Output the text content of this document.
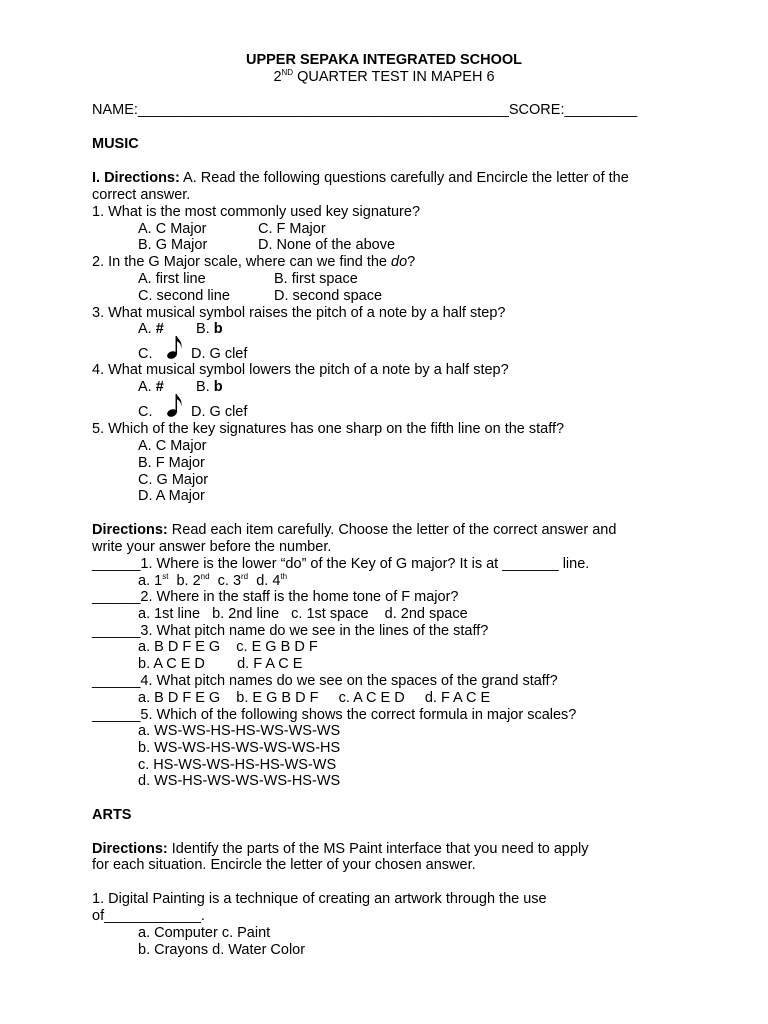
UPPER SEPAKA INTEGRATED SCHOOL
2ND QUARTER TEST IN MAPEH 6
NAME:______________________________________________SCORE:_________
MUSIC
I. Directions: A. Read the following questions carefully and Encircle the letter of the
correct answer.
1. What is the most commonly used key signature?
A. C Major	C. F Major
B. G Major	D. None of the above
2. In the G Major scale, where can we find the do?
A. first line	B. first space
C. second line	D. second space
3. What musical symbol raises the pitch of a note by a half step?
A. # B. b
C.	D. G clef
4. What musical symbol lowers the pitch of a note by a half step?
A. # B. b
C.	D. G clef
5. Which of the key signatures has one sharp on the fifth line on the staff?
A. C Major
B. F Major
C. G Major
D. A Major
Directions: Read each item carefully. Choose the letter of the correct answer and
write your answer before the number.
______1. Where is the lower “do” of the Key of G major? It is at _______ line.
a. 1st  b. 2nd  c. 3rd  d. 4th
______2. Where in the staff is the home tone of F major?
a. 1st line   b. 2nd line   c. 1st space    d. 2nd space
______3. What pitch name do we see in the lines of the staff?
a. B D F E G    c. E G B D F
b. A C E D        d. F A C E
______4. What pitch names do we see on the spaces of the grand staff?
a. B D F E G    b. E G B D F     c. A C E D     d. F A C E
______5. Which of the following shows the correct formula in major scales?
a. WS-WS-HS-HS-WS-WS-WS
b. WS-WS-HS-WS-WS-WS-HS
c. HS-WS-WS-HS-HS-WS-WS
d. WS-HS-WS-WS-WS-HS-WS
ARTS
Directions: Identify the parts of the MS Paint interface that you need to apply
for each situation. Encircle the letter of your chosen answer.
1. Digital Painting is a technique of creating an artwork through the use
of____________.
a. Computer c. Paint
b. Crayons d. Water Color
